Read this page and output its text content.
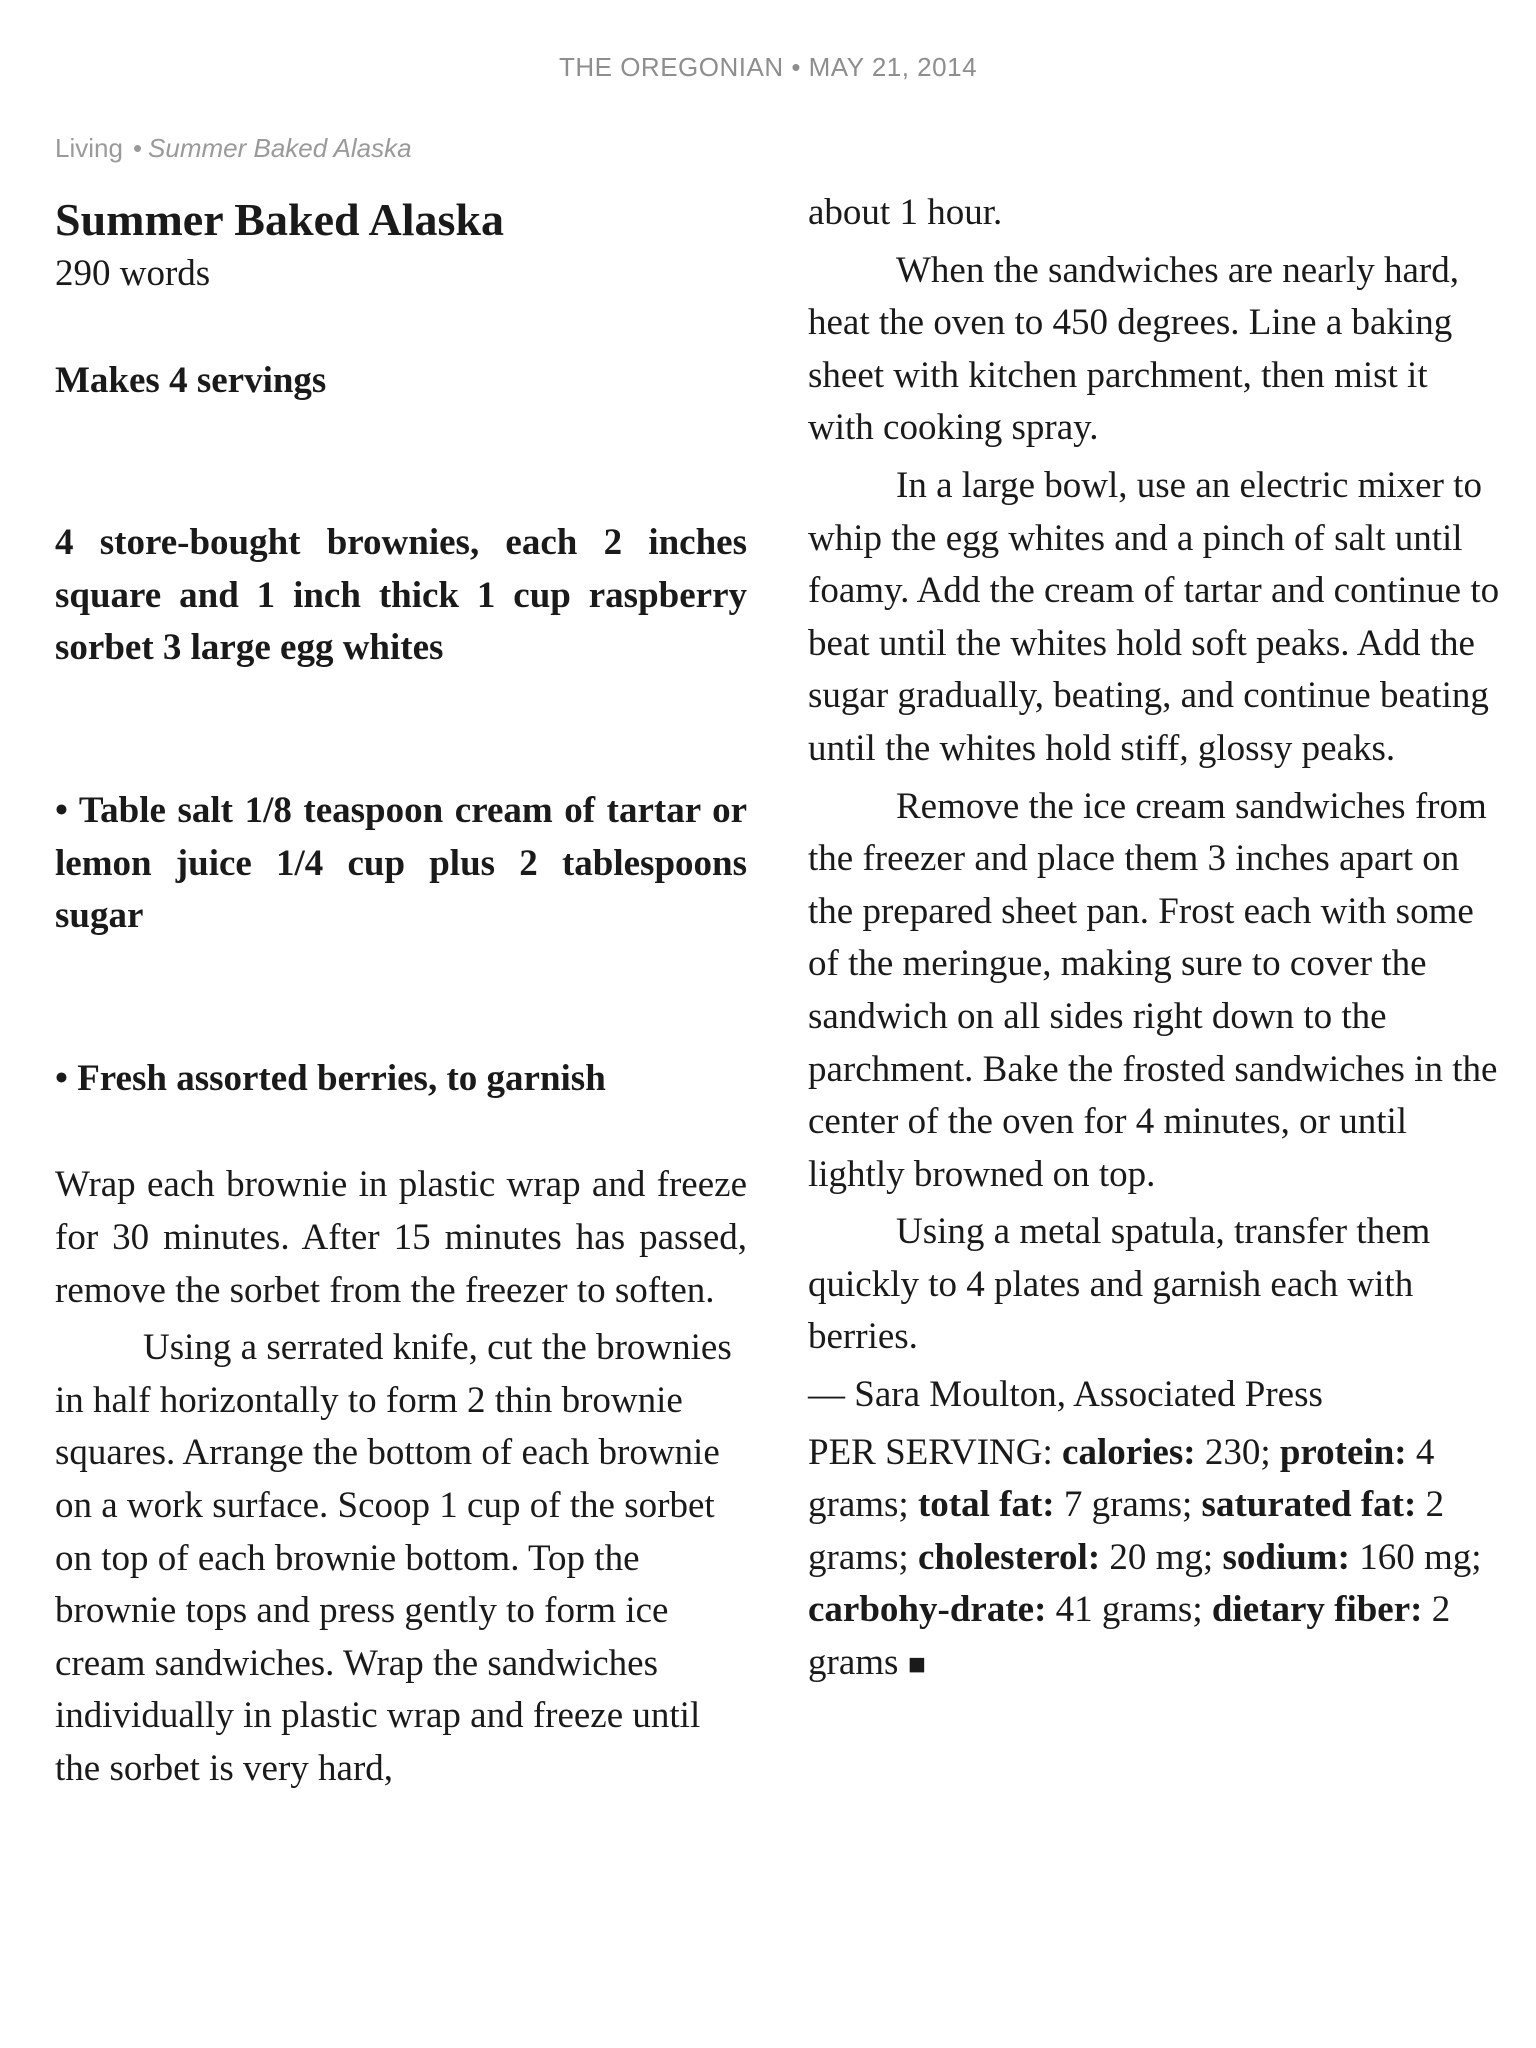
THE OREGONIAN • MAY 21, 2014
Living • Summer Baked Alaska
Summer Baked Alaska

290 words

Makes 4 servings

4 store-bought brownies, each 2 inches square and 1 inch thick 1 cup raspberry sorbet 3 large egg whites

• Table salt 1/8 teaspoon cream of tartar or lemon juice 1/4 cup plus 2 tablespoons sugar

• Fresh assorted berries, to garnish

Wrap each brownie in plastic wrap and freeze for 30 minutes. After 15 minutes has passed, remove the sorbet from the freezer to soften.

Using a serrated knife, cut the brownies in half horizontally to form 2 thin brownie squares. Arrange the bottom of each brownie on a work surface. Scoop 1 cup of the sorbet on top of each brownie bottom. Top the brownie tops and press gently to form ice cream sandwiches. Wrap the sandwiches individually in plastic wrap and freeze until the sorbet is very hard,

about 1 hour.

When the sandwiches are nearly hard, heat the oven to 450 degrees. Line a baking sheet with kitchen parchment, then mist it with cooking spray.

In a large bowl, use an electric mixer to whip the egg whites and a pinch of salt until foamy. Add the cream of tartar and continue to beat until the whites hold soft peaks. Add the sugar gradually, beating, and continue beating until the whites hold stiff, glossy peaks.

Remove the ice cream sandwiches from the freezer and place them 3 inches apart on the prepared sheet pan. Frost each with some of the meringue, making sure to cover the sandwich on all sides right down to the parchment. Bake the frosted sandwiches in the center of the oven for 4 minutes, or until lightly browned on top.

Using a metal spatula, transfer them quickly to 4 plates and garnish each with berries.

— Sara Moulton, Associated Press

PER SERVING: calories: 230; protein: 4 grams; total fat: 7 grams; saturated fat: 2 grams; cholesterol: 20 mg; sodium: 160 mg; carbohy-drate: 41 grams; dietary fiber: 2 grams ■
